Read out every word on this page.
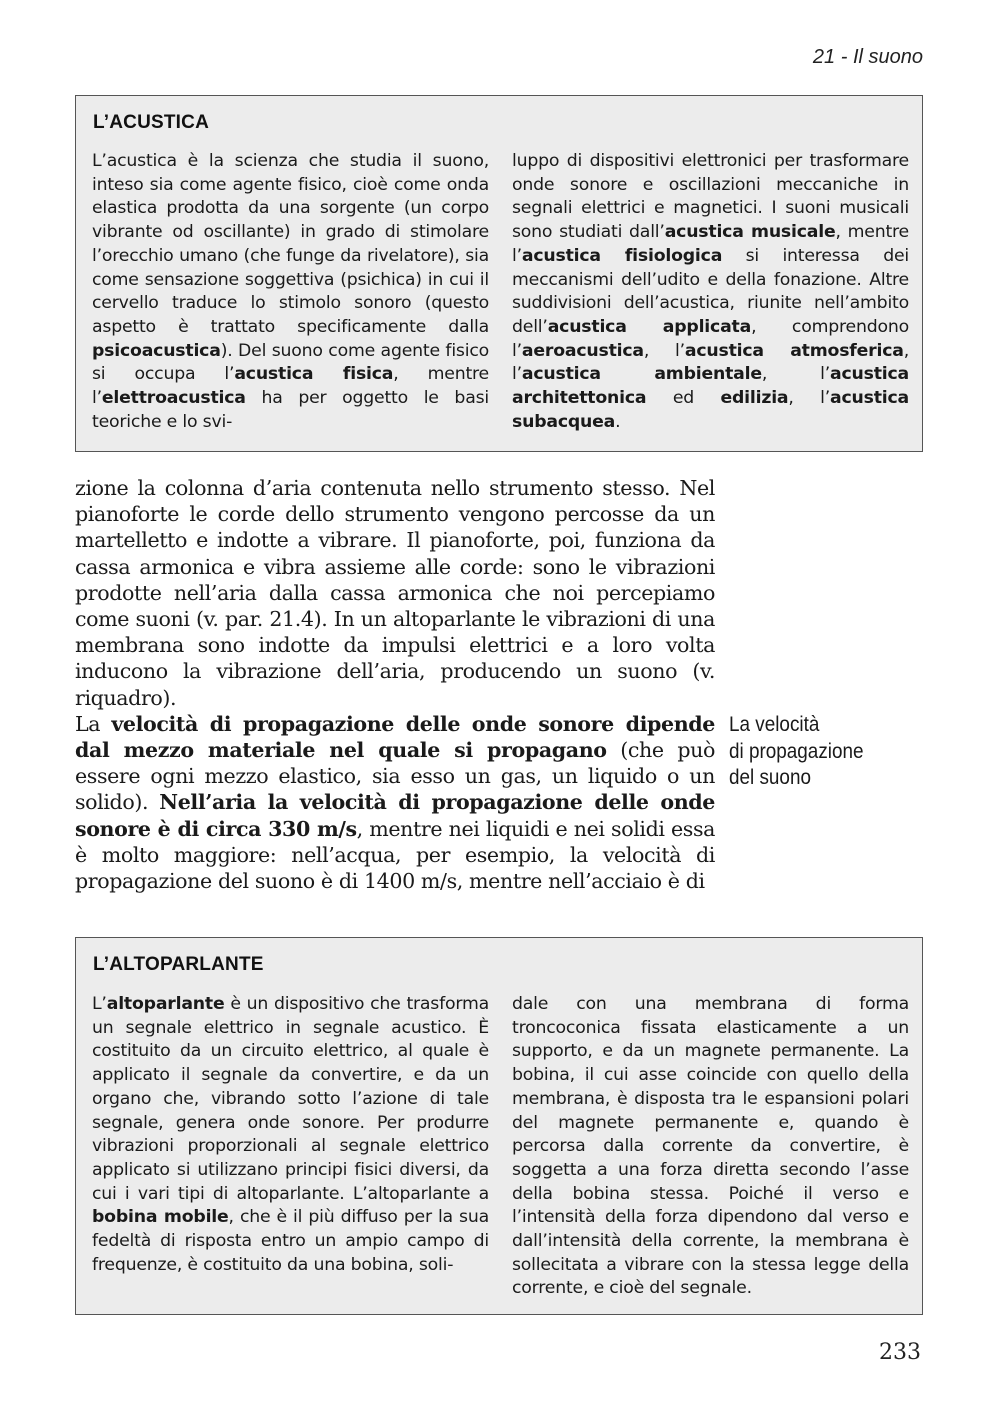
21 - Il suono
L’ACUSTICA
L’acustica è la scienza che studia il suono, inteso sia come agente fisico, cioè come onda elastica prodotta da una sorgente (un corpo vibrante od oscillante) in grado di stimolare l’orecchio umano (che funge da rivelatore), sia come sensazione soggettiva (psichica) in cui il cervello traduce lo stimolo sonoro (questo aspetto è trattato specificamente dalla psicoacustica). Del suono come agente fisico si occupa l’acustica fisica, mentre l’elettroacustica ha per oggetto le basi teoriche e lo svi-
luppo di dispositivi elettronici per trasformare onde sonore e oscillazioni meccaniche in segnali elettrici e magnetici. I suoni musicali sono studiati dall’acustica musicale, mentre l’acustica fisiologica si interessa dei meccanismi dell’udito e della fonazione. Altre suddivisioni dell’acustica, riunite nell’ambito dell’acustica applicata, comprendono l’aeroacustica, l’acustica atmosferica, l’acustica ambientale, l’acustica architettonica ed edilizia, l’acustica subacquea.

zione la colonna d’aria contenuta nello strumento stesso. Nel pianoforte le corde dello strumento vengono percosse da un martelletto e indotte a vibrare. Il pianoforte, poi, funziona da cassa armonica e vibra assieme alle corde: sono le vibrazioni prodotte nell’aria dalla cassa armonica che noi percepiamo come suoni (v. par. 21.4). In un altoparlante le vibrazioni di una membrana sono indotte da impulsi elettrici e a loro volta inducono la vibrazione dell’aria, producendo un suono (v. riquadro).

La velocità di propagazione delle onde sonore dipende dal mezzo materiale nel quale si propagano (che può essere ogni mezzo elastico, sia esso un gas, un liquido o un solido). Nell’aria la velocità di propagazione delle onde sonore è di circa 330 m/s, mentre nei liquidi e nei solidi essa è molto maggiore: nell’acqua, per esempio, la velocità di propagazione del suono è di 1400 m/s, mentre nell’acciaio è di

La velocità
di propagazione
del suono
L’ALTOPARLANTE
L’altoparlante è un dispositivo che trasforma un segnale elettrico in segnale acustico. È costituito da un circuito elettrico, al quale è applicato il segnale da convertire, e da un organo che, vibrando sotto l’azione di tale segnale, genera onde sonore. Per produrre vibrazioni proporzionali al segnale elettrico applicato si utilizzano principi fisici diversi, da cui i vari tipi di altoparlante. L’altoparlante a bobina mobile, che è il più diffuso per la sua fedeltà di risposta entro un ampio campo di frequenze, è costituito da una bobina, soli-
dale con una membrana di forma troncoconica fissata elasticamente a un supporto, e da un magnete permanente. La bobina, il cui asse coincide con quello della membrana, è disposta tra le espansioni polari del magnete permanente e, quando è percorsa dalla corrente da convertire, è soggetta a una forza diretta secondo l’asse della bobina stessa. Poiché il verso e l’intensità della forza dipendono dal verso e dall’intensità della corrente, la membrana è sollecitata a vibrare con la stessa legge della corrente, e cioè del segnale.
233
